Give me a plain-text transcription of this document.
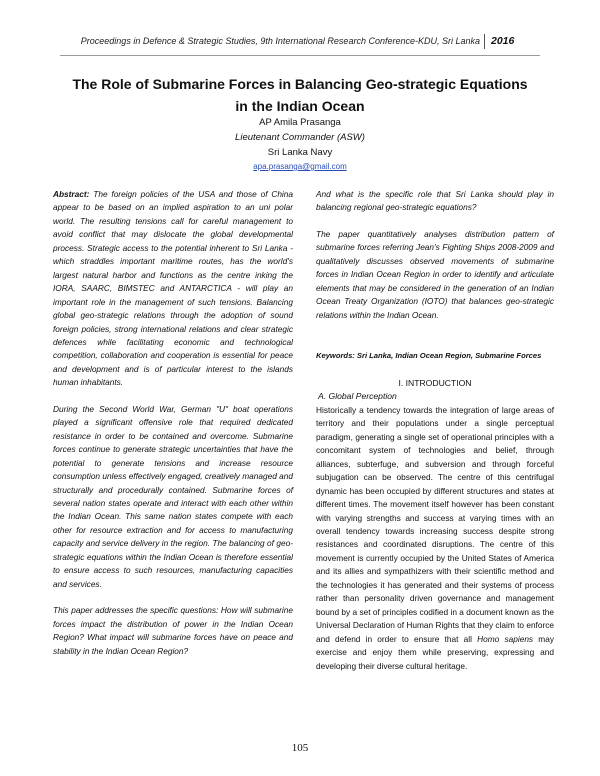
Proceedings in Defence & Strategic Studies, 9th International Research Conference-KDU, Sri Lanka	2016
The Role of Submarine Forces in Balancing Geo-strategic Equations
in the Indian Ocean
AP Amila Prasanga
Lieutenant Commander (ASW)
Sri Lanka Navy
apa.prasanga@gmail.com

Abstract: The foreign policies of the USA and those of China appear to be based on an implied aspiration to an uni polar world. The resulting tensions call for careful management to avoid conflict that may dislocate the global developmental process. Strategic access to the potential inherent to Sri Lanka - which straddles important maritime routes, has the world's largest natural harbor and functions as the centre inking the IORA, SAARC, BIMSTEC and ANTARCTICA - will play an important role in the management of such tensions. Balancing global geo-strategic relations through the adoption of sound foreign policies, strong international relations and clear strategic defences while facilitating economic and technological competition, collaboration and cooperation is essential for peace and development and is of particular interest to the islands human inhabitants.

During the Second World War, German "U" boat operations played a significant offensive role that required dedicated resistance in order to be contained and overcome. Submarine forces continue to generate strategic uncertainties that have the potential to generate tensions and increase resource consumption unless effectively engaged, creatively managed and structurally and procedurally contained. Submarine forces of several nation states operate and interact with each other within the Indian Ocean. This same nation states compete with each other for resource extraction and for access to manufacturing capacity and service delivery in the region. The balancing of geo-strategic equations within the Indian Ocean is therefore essential to ensure access to such resources, manufacturing capacities and services.

This paper addresses the specific questions: How will submarine forces impact the distribution of power in the Indian Ocean Region? What impact will submarine forces have on peace and stability in the Indian Ocean Region?

And what is the specific role that Sri Lanka should play in balancing regional geo-strategic equations?

The paper quantitatively analyses distribution pattern of submarine forces referring Jean's Fighting Ships 2008-2009 and qualitatively discusses observed movements of submarine forces in Indian Ocean Region in order to identify and articulate elements that may be considered in the generation of an Indian Ocean Treaty Organization (IOTO) that balances geo-strategic relations within the Indian Ocean.

Keywords: Sri Lanka, Indian Ocean Region, Submarine Forces

I. INTRODUCTION
A. Global Perception

Historically a tendency towards the integration of large areas of territory and their populations under a single perceptual paradigm, generating a single set of operational principles with a concomitant system of technologies and belief, through alliances, subterfuge, and subversion and through forceful subjugation can be observed. The centre of this centrifugal dynamic has been occupied by different structures and states at different times. The movement itself however has been constant with varying strengths and success at varying times with an overall tendency towards increasing success despite strong resistances and coordinated disruptions. The centre of this movement is currently occupied by the United States of America and its allies and sympathizers with their scientific method and the technologies it has generated and their systems of process rather than personality driven governance and management bound by a set of principles codified in a document known as the Universal Declaration of Human Rights that they claim to enforce and defend in order to ensure that all Homo sapiens may exercise and enjoy them while preserving, expressing and developing their diverse cultural heritage.

105
